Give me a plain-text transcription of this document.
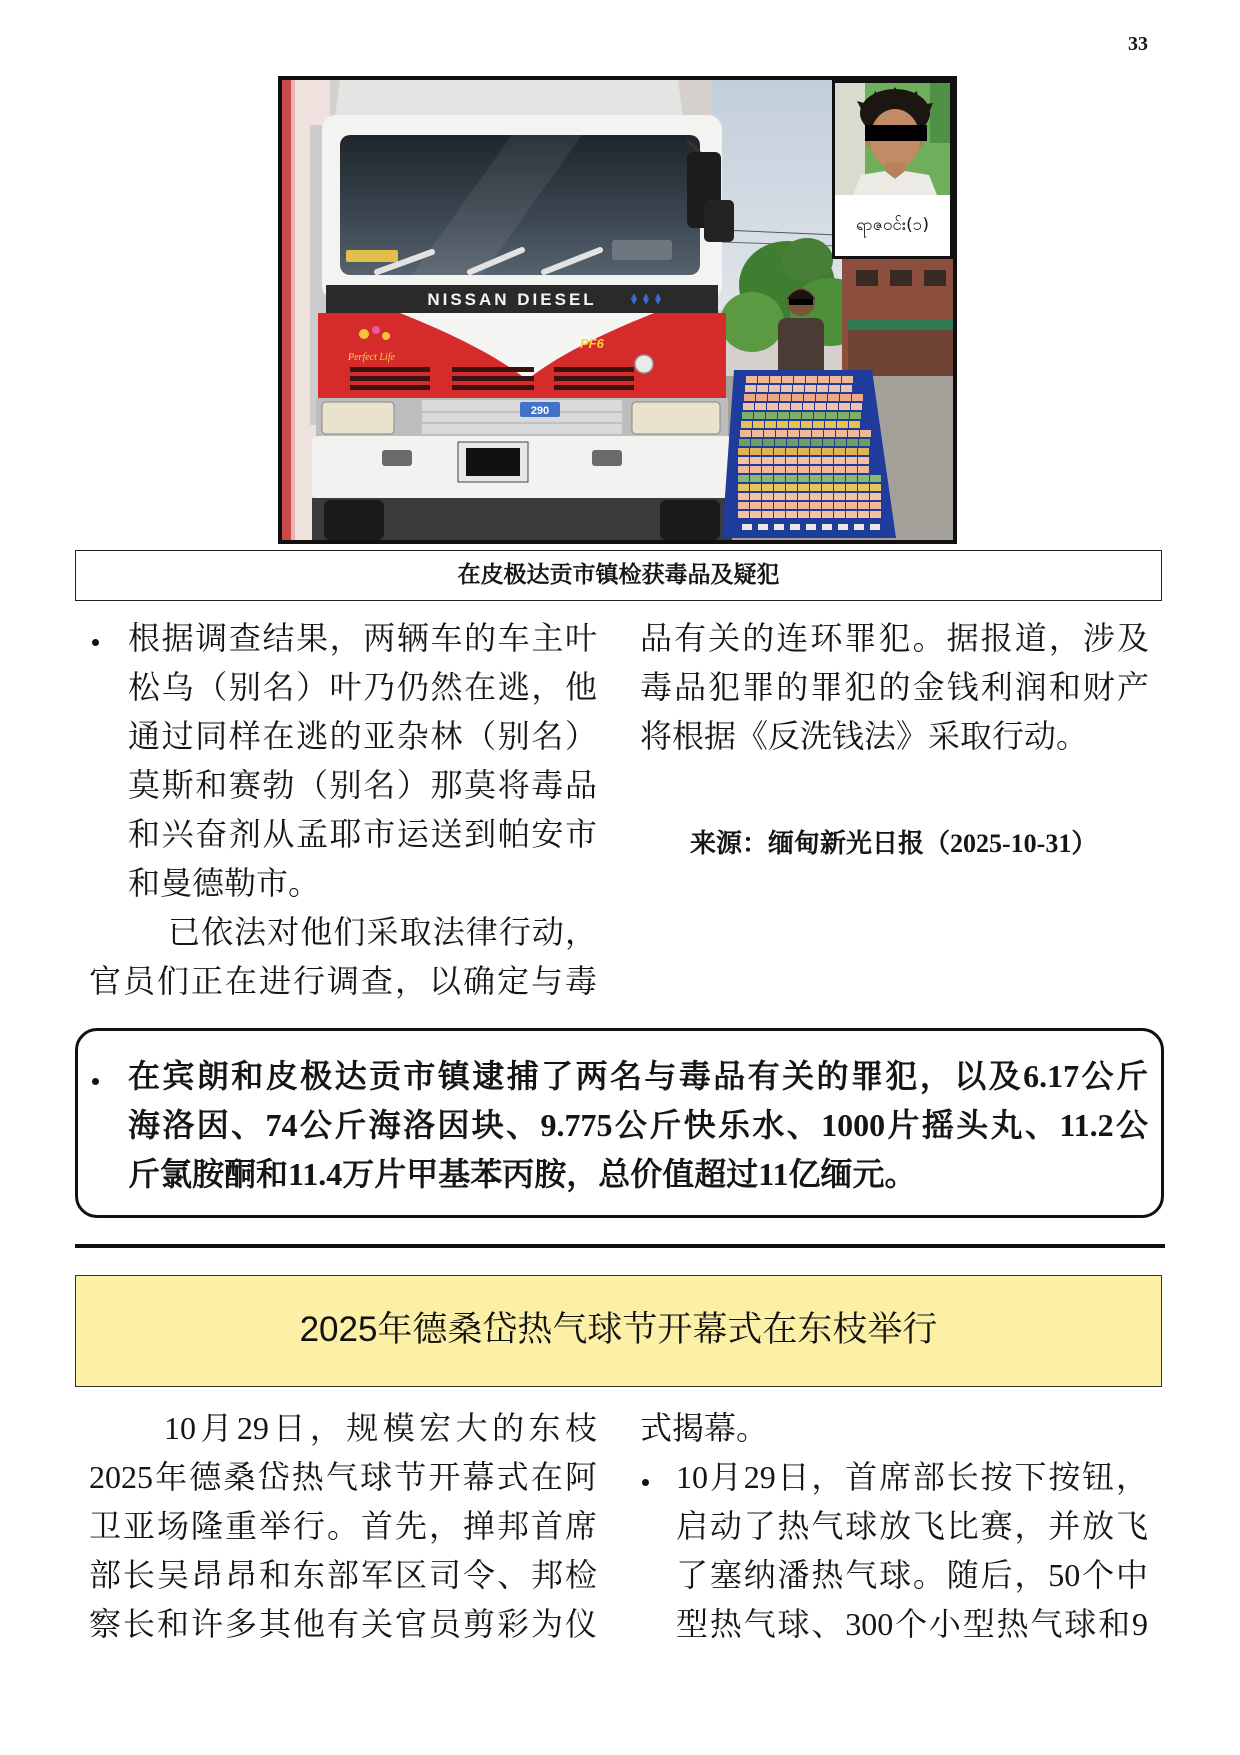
33
NISSAN DIESEL
Perfect Life
PF6
290
ရာဇဝင်း(၁)
在皮极达贡市镇检获毒品及疑犯
根据调查结果，两辆车的车主叶
松乌（别名）叶乃仍然在逃，他
通过同样在逃的亚杂林（别名）
莫斯和赛勃（别名）那莫将毒品
和兴奋剂从孟耶市运送到帕安市
和曼德勒市。
已依法对他们采取法律行动，
官员们正在进行调查，以确定与毒
品有关的连环罪犯。据报道，涉及
毒品犯罪的罪犯的金钱利润和财产
将根据《反洗钱法》采取行动。
来源：缅甸新光日报（2025-10-31）
在宾朗和皮极达贡市镇逮捕了两名与毒品有关的罪犯，以及6.17公斤
海洛因、74公斤海洛因块、9.775公斤快乐水、1000片摇头丸、11.2公
斤氯胺酮和11.4万片甲基苯丙胺，总价值超过11亿缅元。
2025年德桑岱热气球节开幕式在东枝举行
10月29日，规模宏大的东枝
2025年德桑岱热气球节开幕式在阿
卫亚场隆重举行。首先，掸邦首席
部长吴昂昂和东部军区司令、邦检
察长和许多其他有关官员剪彩为仪
式揭幕。
10月29日，首席部长按下按钮，
启动了热气球放飞比赛，并放飞
了塞纳潘热气球。随后，50个中
型热气球、300个小型热气球和9
